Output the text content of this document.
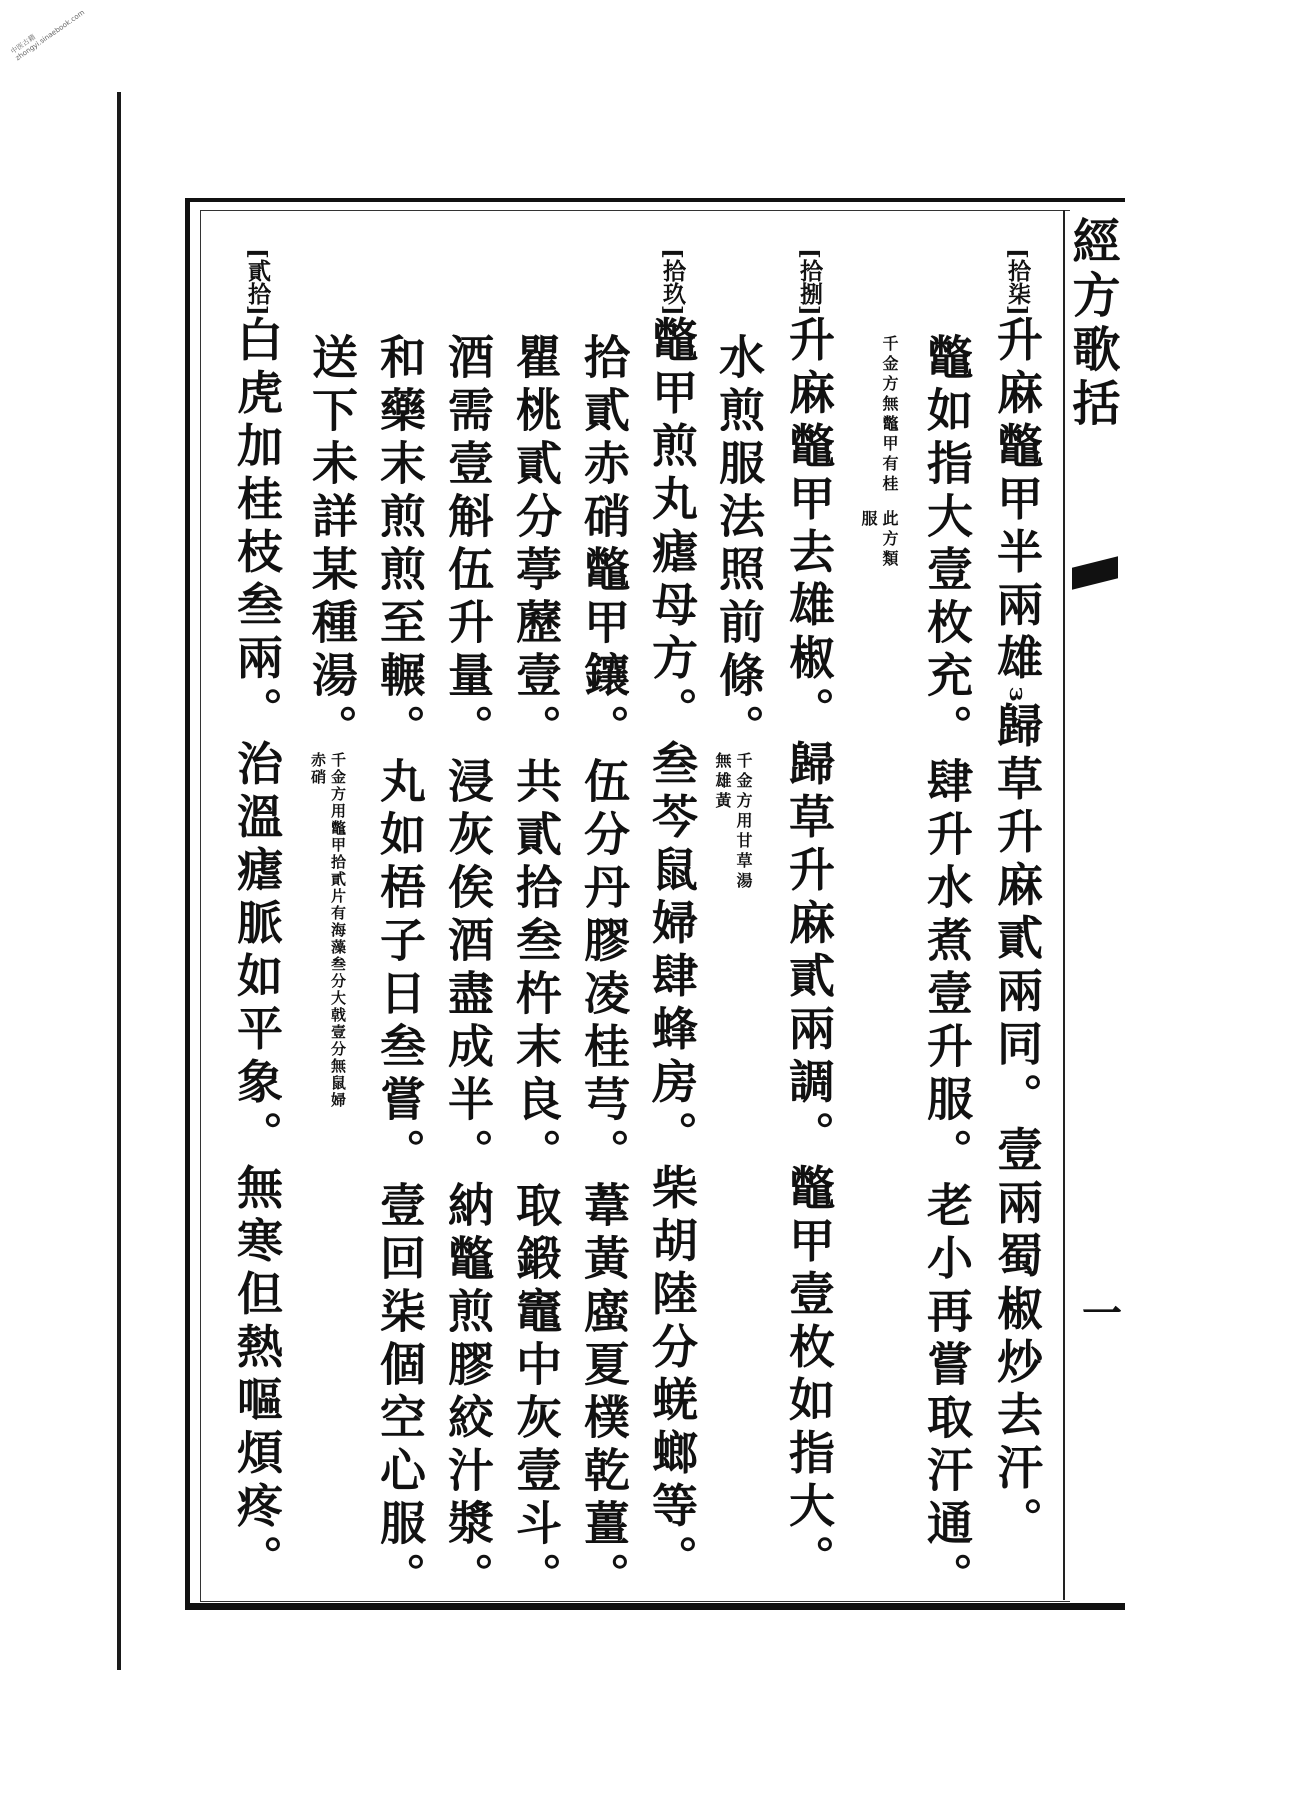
中医古籍 zhongyi.sinaebook.com
經方歌括
一
[拾柒]升麻鼈甲半兩雄з歸草升麻貳兩同。壹兩蜀椒炒去汗。
鼈如指大壹枚充。肆升水煮壹升服。老小再嘗取汗通。
千金方無鼈甲有桂
此方類服
[拾捌]升麻鼈甲去雄椒。歸草升麻貳兩調。鼈甲壹枚如指大。
水煎服法照前條。
千金方用甘草湯無雄黃
[拾玖]鼈甲煎丸瘧母方。叁芩鼠婦肆蜂房。柴胡陸分蜣螂等。
拾貳赤硝鼈甲鑲。伍分丹膠凌桂芎。葦黃䗪夏樸乾薑。
瞿桃貳分葶藶壹。共貳拾叁杵末良。取鍛竈中灰壹斗。
酒需壹斛伍升量。浸灰俟酒盡成半。納鼈煎膠絞汁漿。
和藥末煎煎至輾。丸如梧子日叁嘗。壹回柒個空心服。
送下未詳某種湯。
千金方用鼈甲拾貳片有海藻叁分大戟壹分無鼠婦赤硝
[貳拾]白虎加桂枝叁兩。治溫瘧脈如平象。無寒但熱嘔煩疼。
